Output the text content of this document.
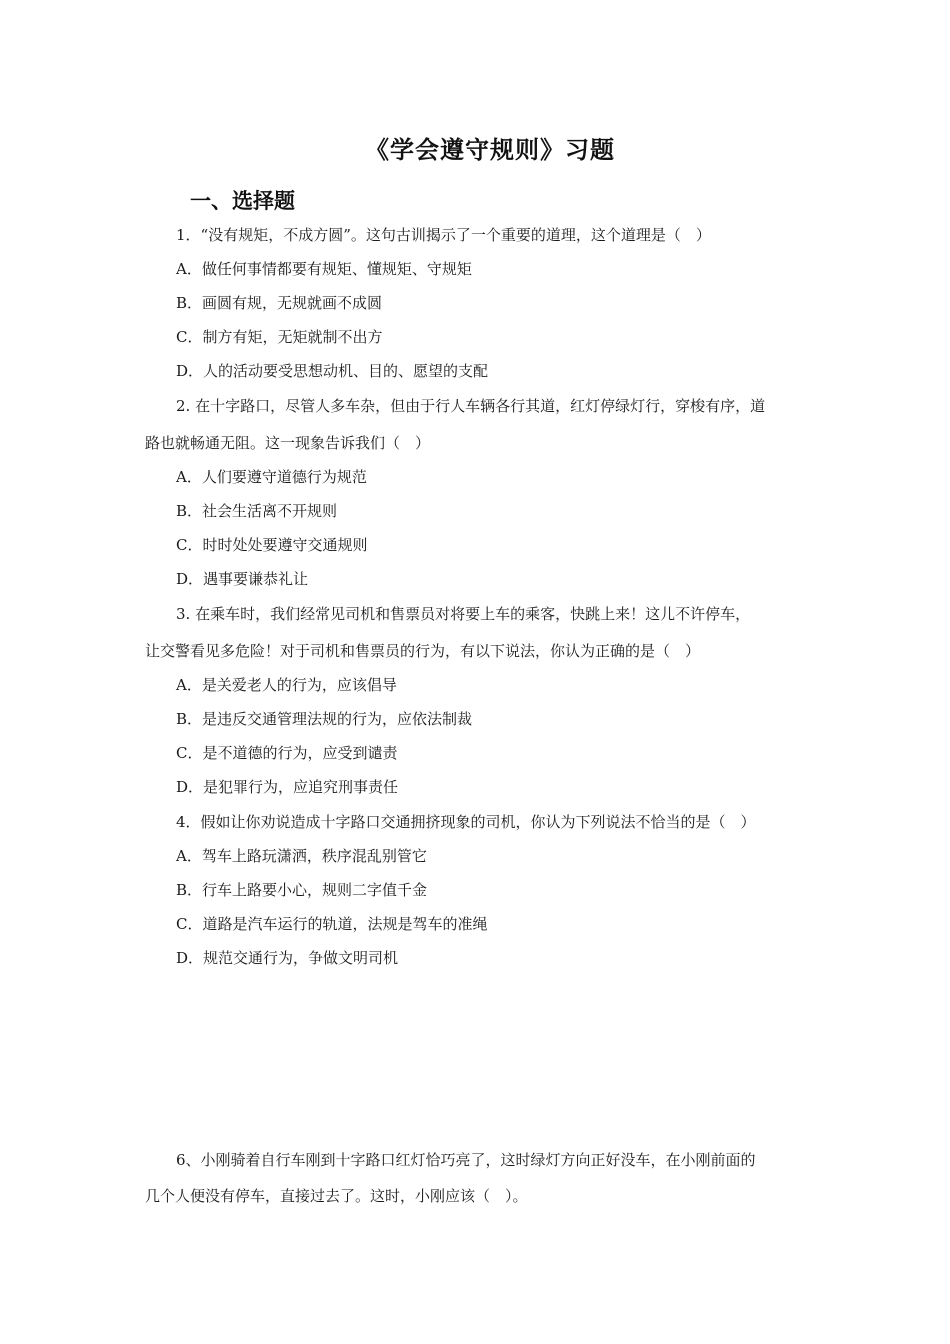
《学会遵守规则》习题
一、选择题
1．“没有规矩，不成方圆”。这句古训揭示了一个重要的道理，这个道理是（　）
A．做任何事情都要有规矩、懂规矩、守规矩
B．画圆有规，无规就画不成圆
C．制方有矩，无矩就制不出方
D．人的活动要受思想动机、目的、愿望的支配
2. 在十字路口，尽管人多车杂，但由于行人车辆各行其道，红灯停绿灯行，穿梭有序，道
路也就畅通无阻。这一现象告诉我们（　）
A．人们要遵守道德行为规范
B．社会生活离不开规则
C．时时处处要遵守交通规则
D．遇事要谦恭礼让
3. 在乘车时，我们经常见司机和售票员对将要上车的乘客，快跳上来！这儿不许停车，
让交警看见多危险！对于司机和售票员的行为，有以下说法，你认为正确的是（　）
A．是关爱老人的行为，应该倡导
B．是违反交通管理法规的行为，应依法制裁
C．是不道德的行为，应受到谴责
D．是犯罪行为，应追究刑事责任
4．假如让你劝说造成十字路口交通拥挤现象的司机，你认为下列说法不恰当的是（　）
A．驾车上路玩潇洒，秩序混乱别管它
B．行车上路要小心，规则二字值千金
C．道路是汽车运行的轨道，法规是驾车的准绳
D．规范交通行为，争做文明司机
6、小刚骑着自行车刚到十字路口红灯恰巧亮了，这时绿灯方向正好没车，在小刚前面的
几个人便没有停车，直接过去了。这时，小刚应该（　）。
